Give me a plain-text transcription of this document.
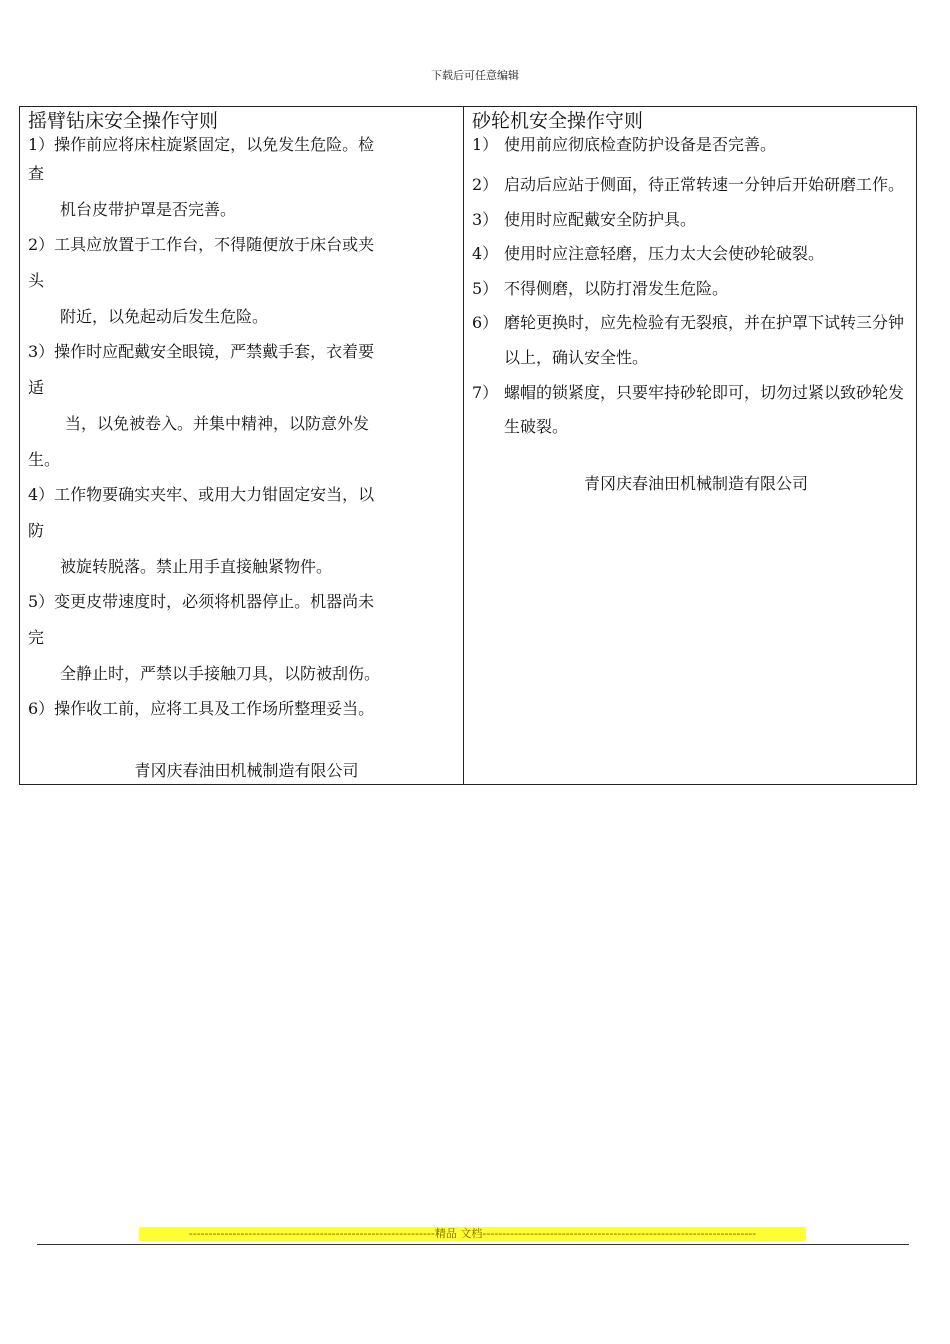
下载后可任意编辑
摇臂钻床安全操作守则
1）操作前应将床柱旋紧固定，以免发生危险。检
查
机台皮带护罩是否完善。
2）工具应放置于工作台，不得随便放于床台或夹
头
附近，以免起动后发生危险。
3）操作时应配戴安全眼镜，严禁戴手套，衣着要
适
当，以免被卷入。并集中精神，以防意外发
生。
4）工作物要确实夹牢、或用大力钳固定安当，以
防
被旋转脱落。禁止用手直接触紧物件。
5）变更皮带速度时，必须将机器停止。机器尚未
完
全静止时，严禁以手接触刀具，以防被刮伤。
6）操作收工前，应将工具及工作场所整理妥当。
青冈庆春油田机械制造有限公司
砂轮机安全操作守则
1） 使用前应彻底检查防护设备是否完善。
2） 启动后应站于侧面，待正常转速一分钟后开始研磨工作。
3） 使用时应配戴安全防护具。
4） 使用时应注意轻磨，压力太大会使砂轮破裂。
5） 不得侧磨，以防打滑发生危险。
6） 磨轮更换时，应先检验有无裂痕，并在护罩下试转三分钟以上，确认安全性。
7） 螺帽的锁紧度，只要牢持砂轮即可，切勿过紧以致砂轮发生破裂。
青冈庆春油田机械制造有限公司
--------------------------------------------------------------精品 文档---------------------------------------------------------------------
